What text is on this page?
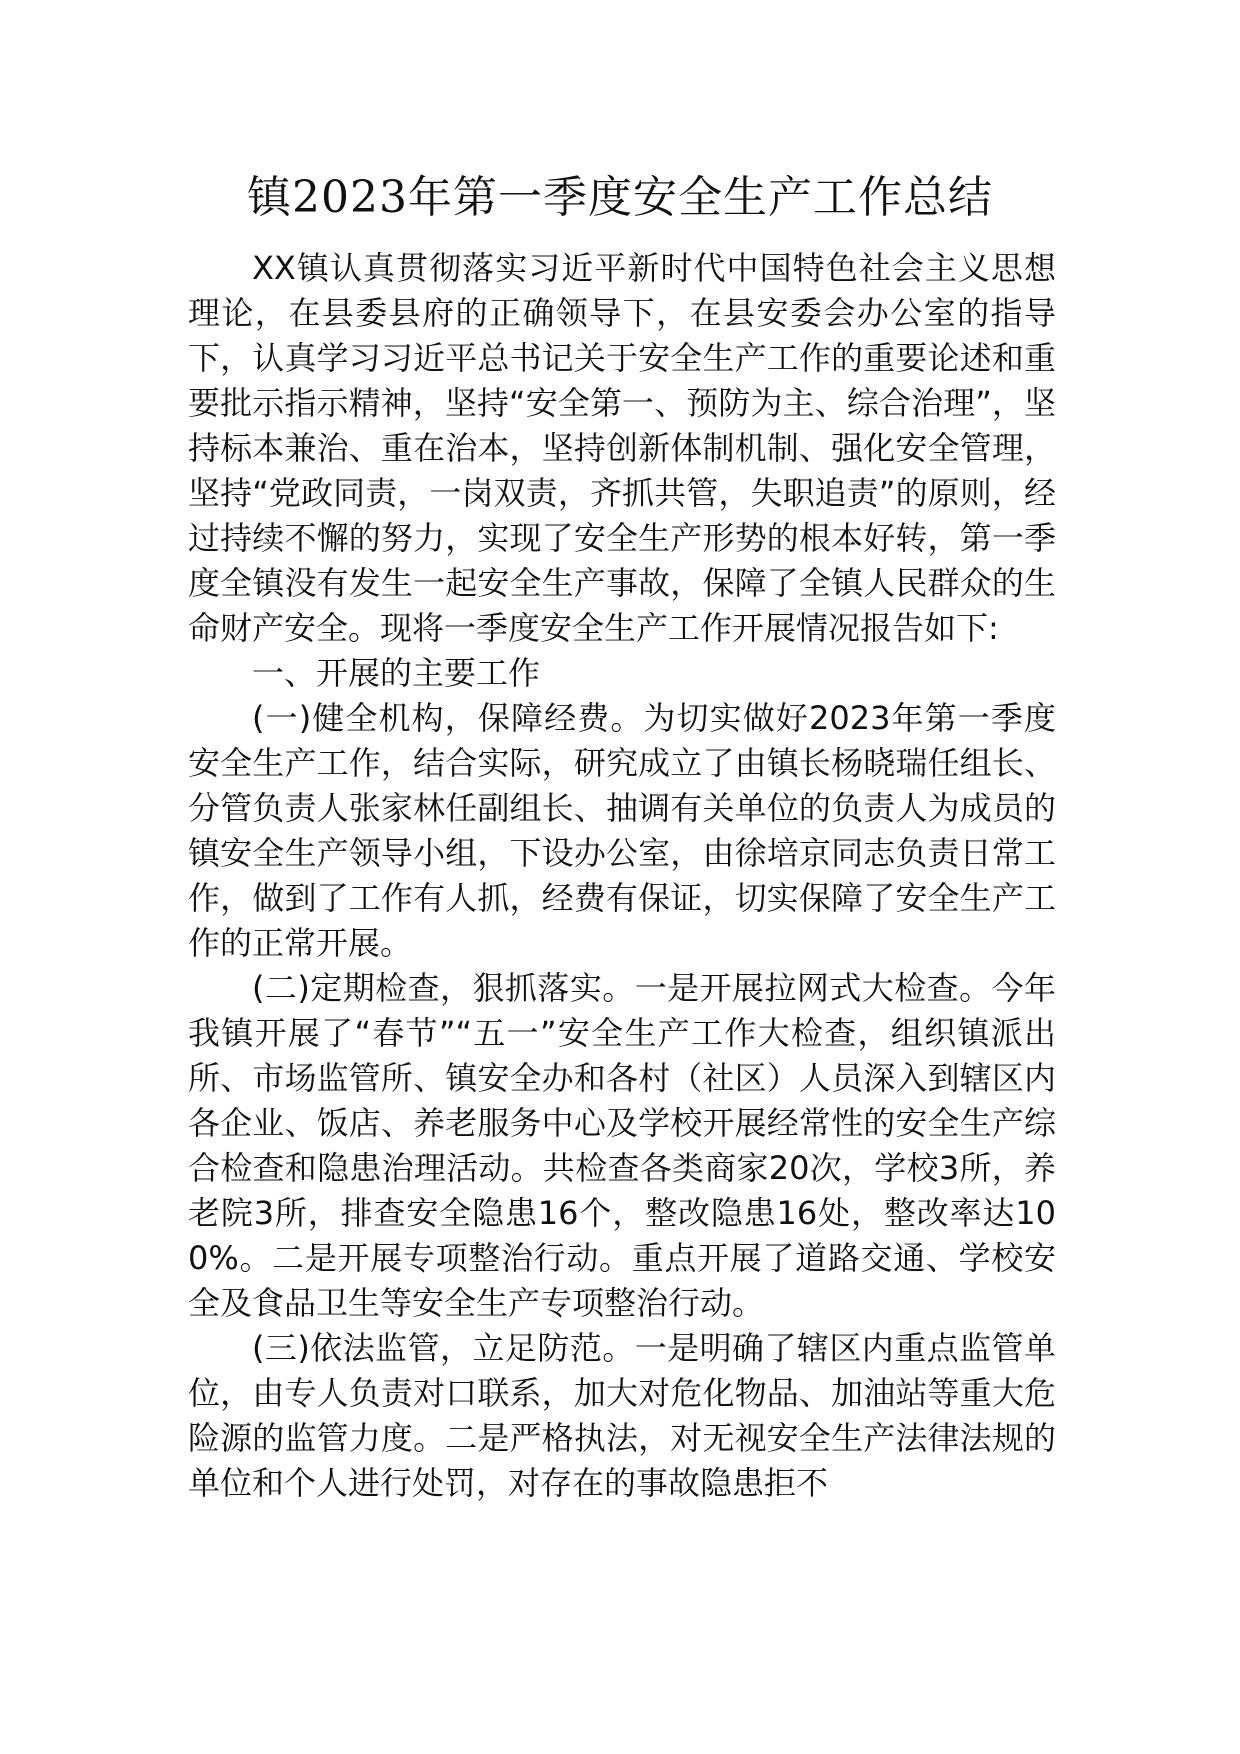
镇2023年第一季度安全生产工作总结

XX镇认真贯彻落实习近平新时代中国特色社会主义思想理论，在县委县府的正确领导下，在县安委会办公室的指导下，认真学习习近平总书记关于安全生产工作的重要论述和重要批示指示精神，坚持“安全第一、预防为主、综合治理”，坚持标本兼治、重在治本，坚持创新体制机制、强化安全管理，坚持“党政同责，一岗双责，齐抓共管，失职追责”的原则，经过持续不懈的努力，实现了安全生产形势的根本好转，第一季度全镇没有发生一起安全生产事故，保障了全镇人民群众的生命财产安全。现将一季度安全生产工作开展情况报告如下:

一、开展的主要工作

(一)健全机构，保障经费。为切实做好2023年第一季度安全生产工作，结合实际，研究成立了由镇长杨晓瑞任组长、分管负责人张家林任副组长、抽调有关单位的负责人为成员的镇安全生产领导小组，下设办公室，由徐培京同志负责日常工作，做到了工作有人抓，经费有保证，切实保障了安全生产工作的正常开展。

(二)定期检查，狠抓落实。一是开展拉网式大检查。今年我镇开展了“春节”“五一”安全生产工作大检查，组织镇派出所、市场监管所、镇安全办和各村（社区）人员深入到辖区内各企业、饭店、养老服务中心及学校开展经常性的安全生产综合检查和隐患治理活动。共检查各类商家20次，学校3所，养老院3所，排查安全隐患16个，整改隐患16处，整改率达100%。二是开展专项整治行动。重点开展了道路交通、学校安全及食品卫生等安全生产专项整治行动。

(三)依法监管，立足防范。一是明确了辖区内重点监管单位，由专人负责对口联系，加大对危化物品、加油站等重大危险源的监管力度。二是严格执法，对无视安全生产法律法规的单位和个人进行处罚，对存在的事故隐患拒不
